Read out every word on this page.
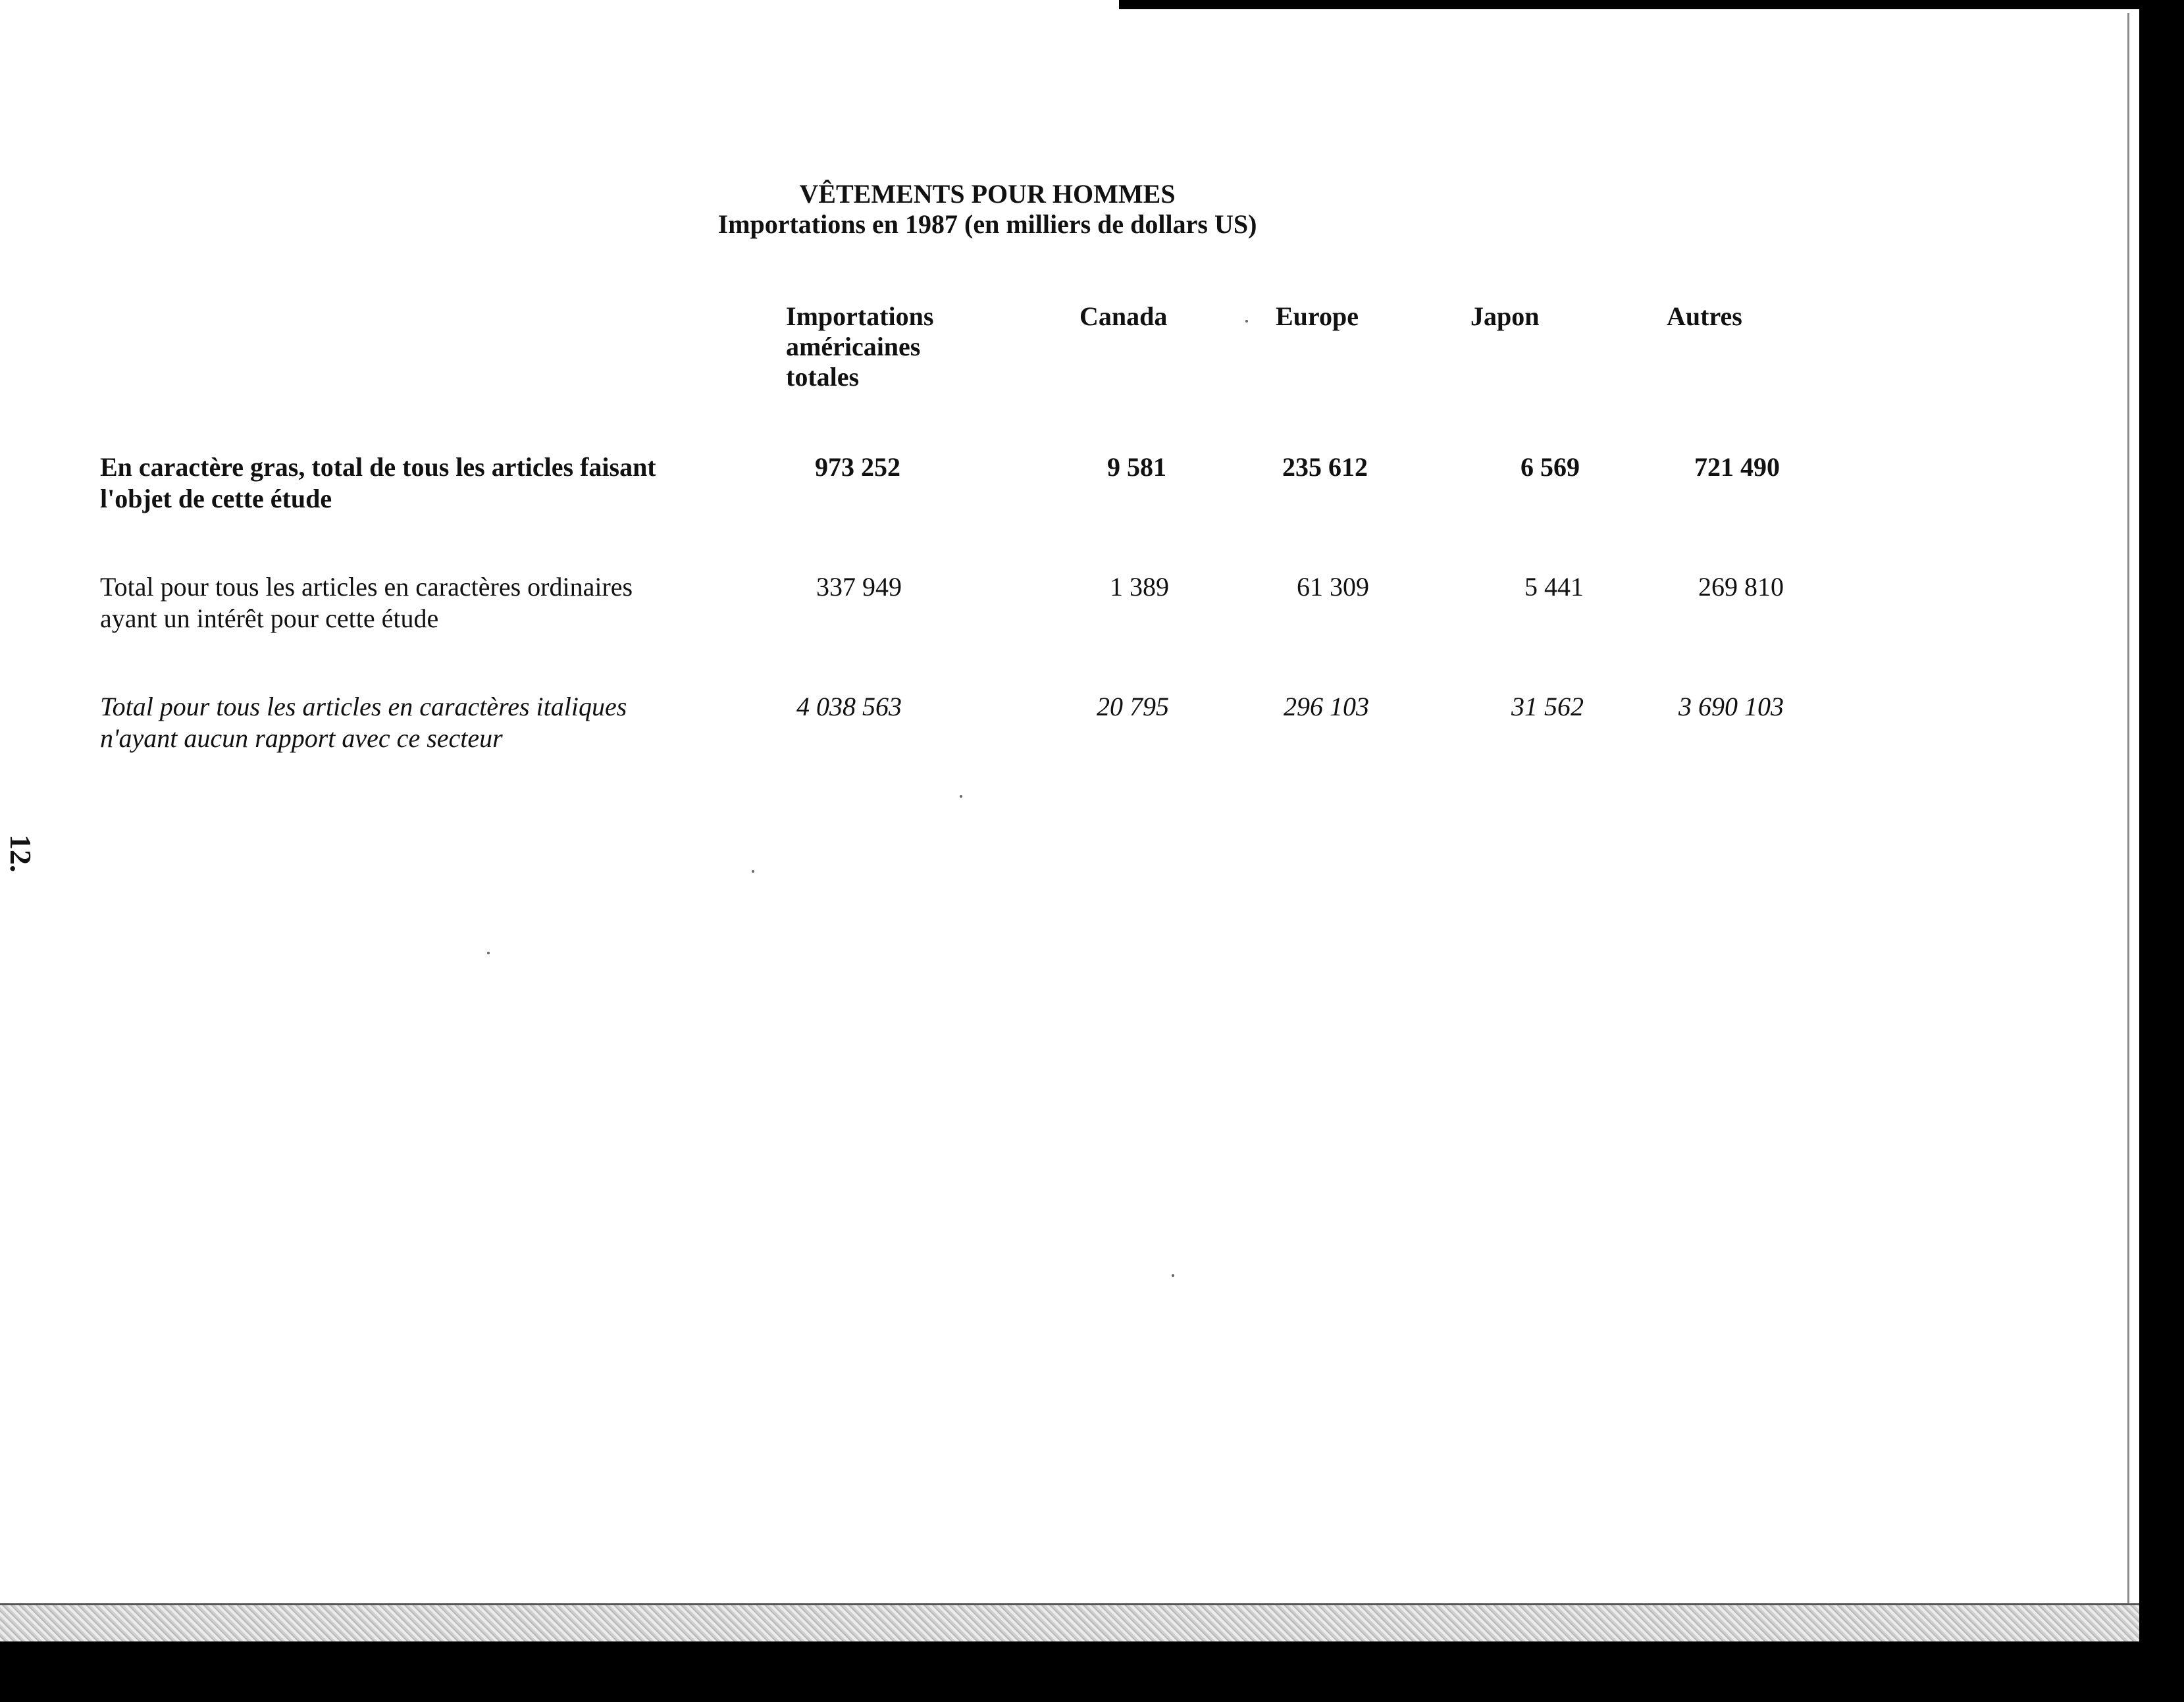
VÊTEMENTS POUR HOMMES
Importations en 1987 (en milliers de dollars US)
Importations américaines totales
Canada	Europe	Japon	Autres
En caractère gras, total de tous les articles faisant l'objet de cette étude
973 252	9 581	235 612	6 569	721 490
Total pour tous les articles en caractères ordinaires ayant un intérêt pour cette étude
337 949	1 389	61 309	5 441	269 810
Total pour tous les articles en caractères italiques n'ayant aucun rapport avec ce secteur
4 038 563	20 795	296 103	31 562	3 690 103
12.
